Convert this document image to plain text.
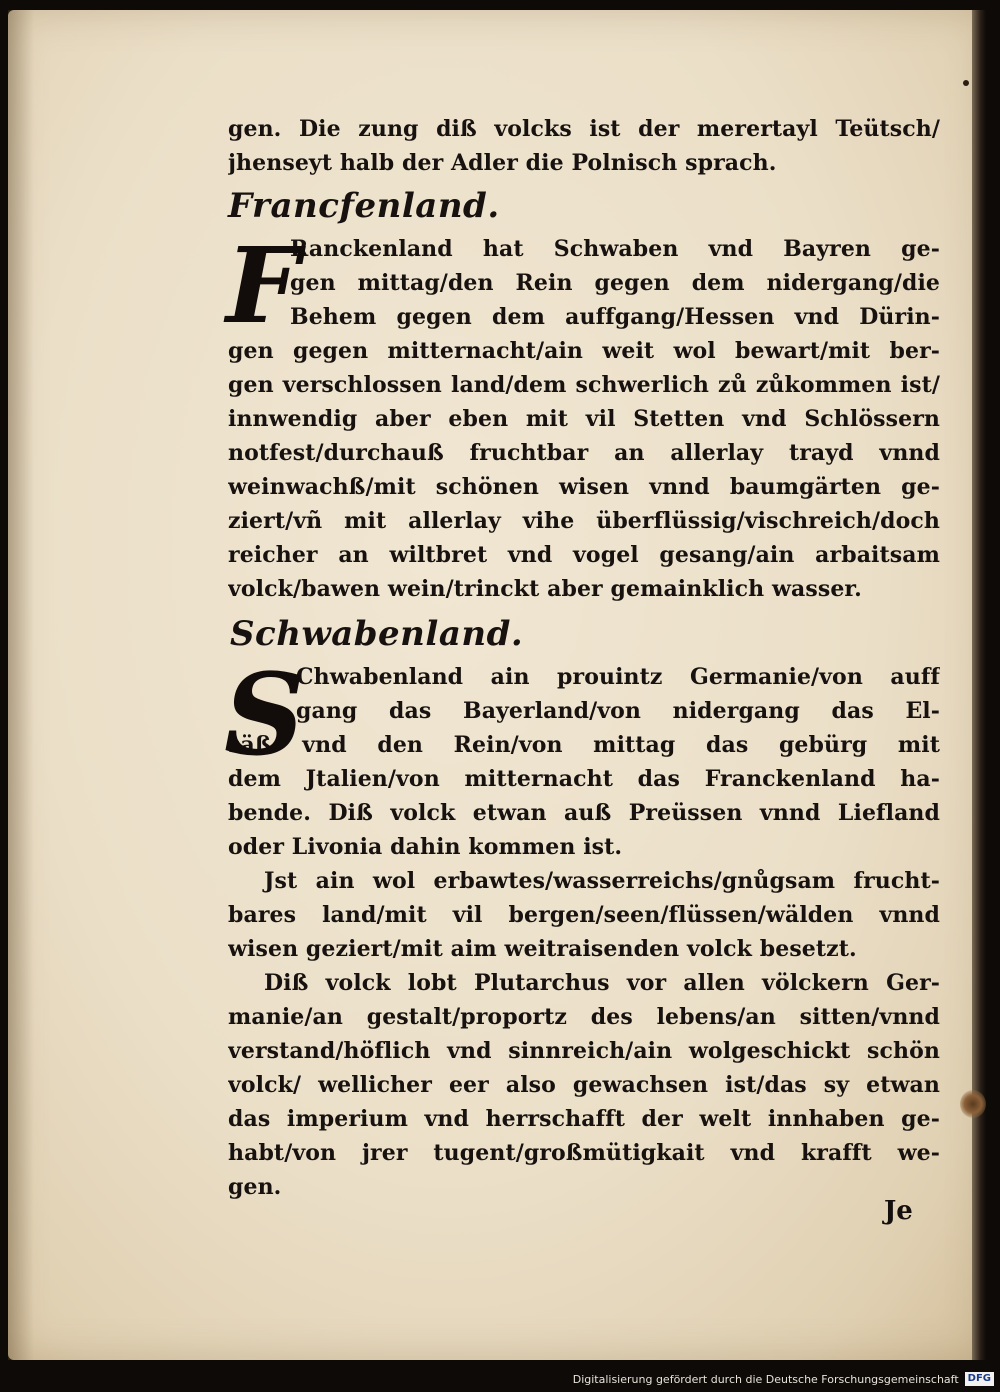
gen. Die zung diß volcks ist der merertayl Teütsch/
jhenseyt halb der Adler die Polnisch sprach.
Francfenland.
F
Ranckenland hat Schwaben vnd Bayren ge-
gen mittag/den Rein gegen dem nidergang/die
Behem gegen dem auffgang/Hessen vnd Dürin-
gen gegen mitternacht/ain weit wol bewart/mit ber-
gen verschlossen land/dem schwerlich zů zůkommen ist/
innwendig aber eben mit vil Stetten vnd Schlössern
notfest/durchauß fruchtbar an allerlay trayd vnnd
weinwachß/mit schönen wisen vnnd baumgärten ge-
ziert/vñ mit allerlay vihe überflüssig/vischreich/doch
reicher an wiltbret vnd vogel gesang/ain arbaitsam
volck/bawen wein/trinckt aber gemainklich wasser.
Schwabenland.
S
Chwabenland ain prouintz Germanie/von auff
gang das Bayerland/von nidergang das El-
säß vnd den Rein/von mittag das gebürg mit
dem Jtalien/von mitternacht das Franckenland ha-
bende. Diß volck etwan auß Preüssen vnnd Liefland
oder Livonia dahin kommen ist.
Jst ain wol erbawtes/wasserreichs/gnůgsam frucht-
bares land/mit vil bergen/seen/flüssen/wälden vnnd
wisen geziert/mit aim weitraisenden volck besetzt.
Diß volck lobt Plutarchus vor allen völckern Ger-
manie/an gestalt/proportz des lebens/an sitten/vnnd
verstand/höflich vnd sinnreich/ain wolgeschickt schön
volck/ wellicher eer also gewachsen ist/das sy etwan
das imperium vnd herrschafft der welt innhaben ge-
habt/von jrer tugent/großmütigkait vnd krafft we-
gen.
Je
Digitalisierung gefördert durch die Deutsche Forschungsgemeinschaft DFG
